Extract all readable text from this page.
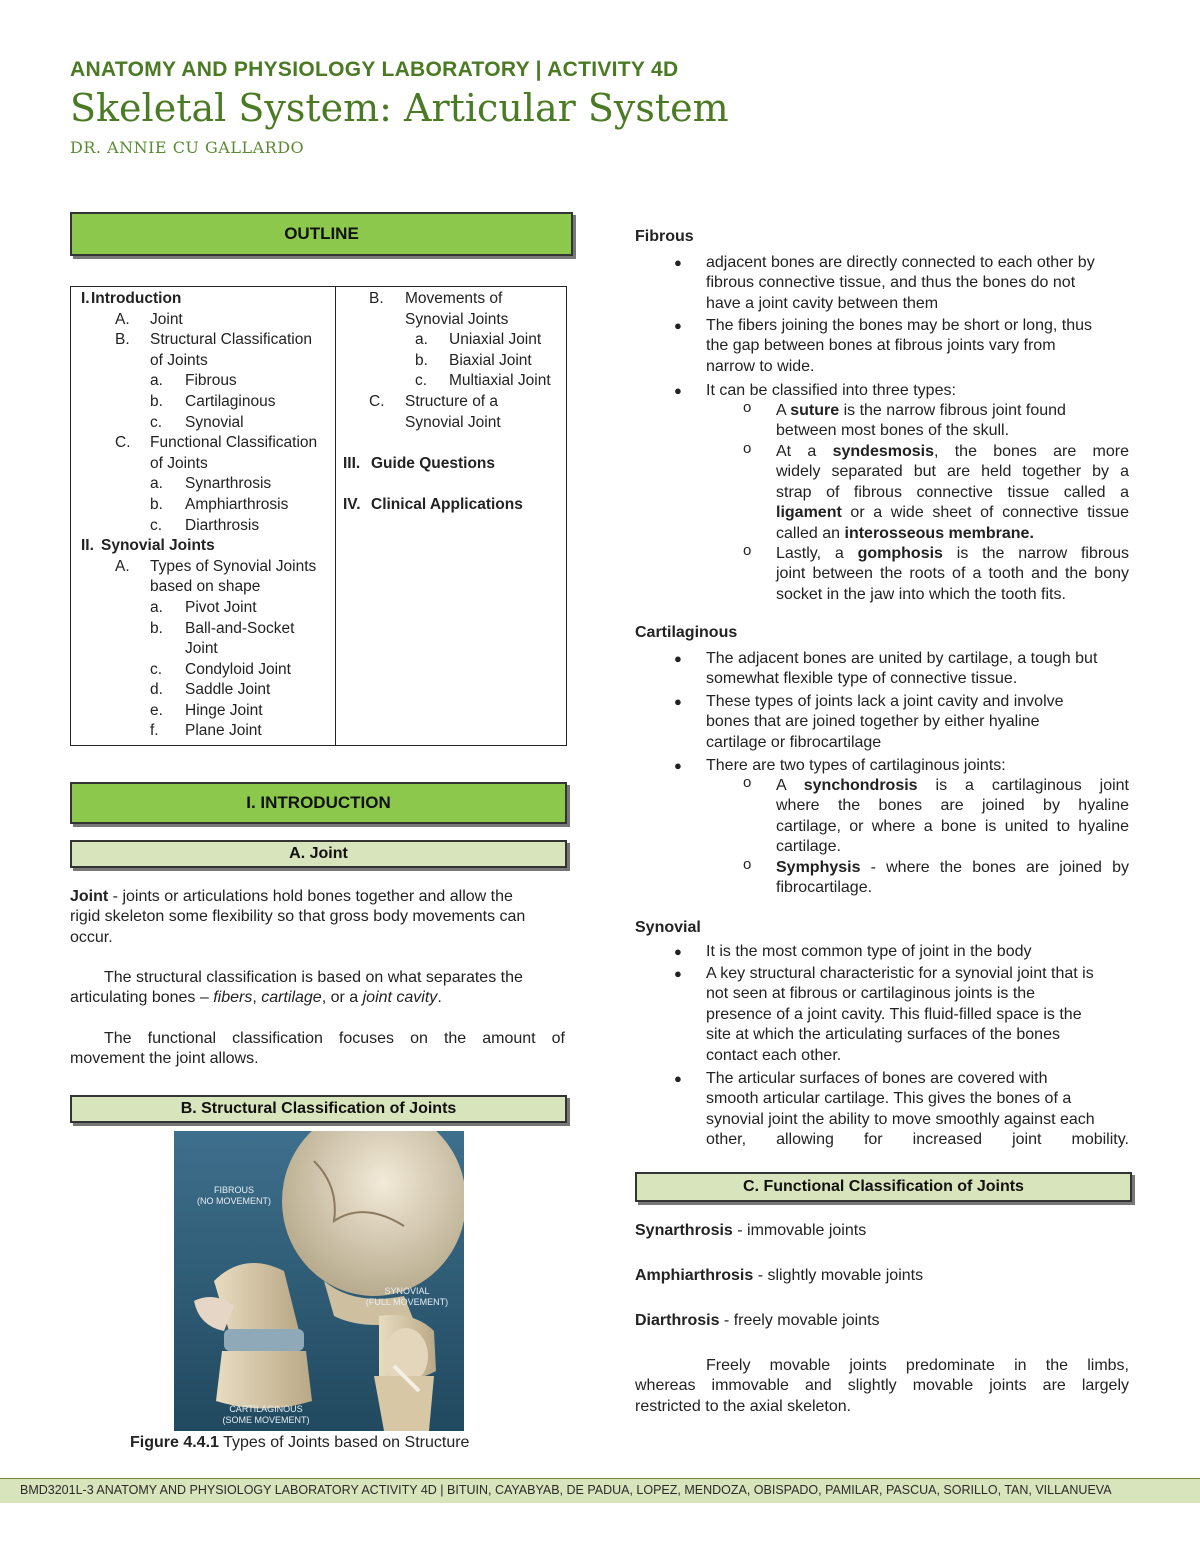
ANATOMY AND PHYSIOLOGY LABORATORY | ACTIVITY 4D
Skeletal System: Articular System
DR. ANNIE CU GALLARDO
OUTLINE
I. Introduction
A. Joint
B. Structural Classification
of Joints
a. Fibrous
b. Cartilaginous
c. Synovial
C. Functional Classification
of Joints
a. Synarthrosis
b. Amphiarthrosis
c. Diarthrosis
II. Synovial Joints
A. Types of Synovial Joints
based on shape
a. Pivot Joint
b. Ball-and-Socket
Joint
c. Condyloid Joint
d. Saddle Joint
e. Hinge Joint
f. Plane Joint
B. Movements of
Synovial Joints
a. Uniaxial Joint
b. Biaxial Joint
c. Multiaxial Joint
C. Structure of a
Synovial Joint
III. Guide Questions
IV. Clinical Applications
I. INTRODUCTION
A. Joint
Joint - joints or articulations hold bones together and allow the
rigid skeleton some flexibility so that gross body movements can
occur.
The structural classification is based on what separates the
articulating bones – fibers, cartilage, or a joint cavity.
The functional classification focuses on the amount of
movement the joint allows.
B. Structural Classification of Joints
FIBROUS
(NO MOVEMENT)
SYNOVIAL
(FULL MOVEMENT)
CARTILAGINOUS
(SOME MOVEMENT)
Figure 4.4.1 Types of Joints based on Structure
Fibrous
● adjacent bones are directly connected to each other by
fibrous connective tissue, and thus the bones do not
have a joint cavity between them
● The fibers joining the bones may be short or long, thus
the gap between bones at fibrous joints vary from
narrow to wide.
● It can be classified into three types:
o A suture is the narrow fibrous joint found
between most bones of the skull.
o At a syndesmosis, the bones are more
widely separated but are held together by a
strap of fibrous connective tissue called a
ligament or a wide sheet of connective tissue
called an interosseous membrane.
o Lastly, a gomphosis is the narrow fibrous
joint between the roots of a tooth and the bony
socket in the jaw into which the tooth fits.
Cartilaginous
● The adjacent bones are united by cartilage, a tough but
somewhat flexible type of connective tissue.
● These types of joints lack a joint cavity and involve
bones that are joined together by either hyaline
cartilage or fibrocartilage
● There are two types of cartilaginous joints:
o A synchondrosis is a cartilaginous joint
where the bones are joined by hyaline
cartilage, or where a bone is united to hyaline
cartilage.
o Symphysis - where the bones are joined by
fibrocartilage.
Synovial
● It is the most common type of joint in the body
● A key structural characteristic for a synovial joint that is
not seen at fibrous or cartilaginous joints is the
presence of a joint cavity. This fluid-filled space is the
site at which the articulating surfaces of the bones
contact each other.
● The articular surfaces of bones are covered with
smooth articular cartilage. This gives the bones of a
synovial joint the ability to move smoothly against each
other, allowing for increased joint mobility.
C. Functional Classification of Joints
Synarthrosis - immovable joints
Amphiarthrosis - slightly movable joints
Diarthrosis - freely movable joints
Freely movable joints predominate in the limbs,
whereas immovable and slightly movable joints are largely
restricted to the axial skeleton.
BMD3201L-3 ANATOMY AND PHYSIOLOGY LABORATORY ACTIVITY 4D | BITUIN, CAYABYAB, DE PADUA, LOPEZ, MENDOZA, OBISPADO, PAMILAR, PASCUA, SORILLO, TAN, VILLANUEVA
